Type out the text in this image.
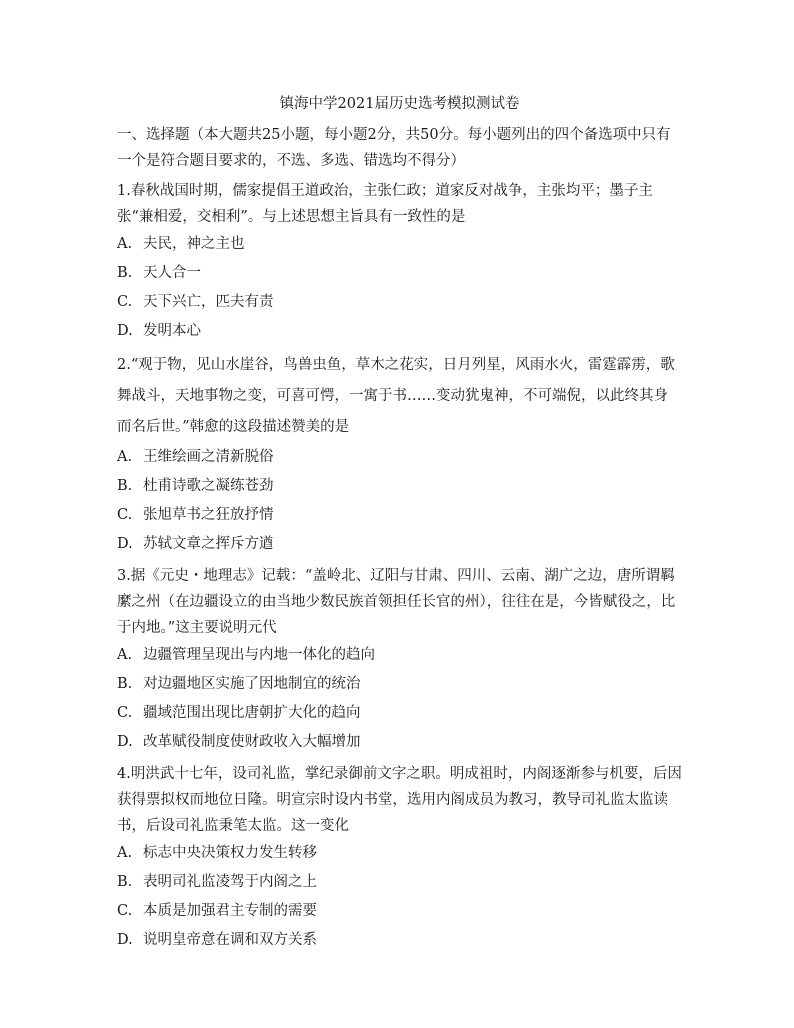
镇海中学2021届历史选考模拟测试卷
一、选择题（本大题共25小题，每小题2分，共50分。每小题列出的四个备选项中只有一个是符合题目要求的，不选、多选、错选均不得分）
1.春秋战国时期，儒家提倡王道政治，主张仁政；道家反对战争，主张均平；墨子主张“兼相爱，交相利”。与上述思想主旨具有一致性的是
A. 夫民，神之主也
B. 天人合一
C. 天下兴亡，匹夫有责
D. 发明本心
2.“观于物，见山水崖谷，鸟兽虫鱼，草木之花实，日月列星，风雨水火，雷霆霹雳，歌舞战斗，天地事物之变，可喜可愕，一寓于书……变动犹鬼神，不可端倪，以此终其身而名后世。”韩愈的这段描述赞美的是
A. 王维绘画之清新脱俗
B. 杜甫诗歌之凝练苍劲
C. 张旭草书之狂放抒情
D. 苏轼文章之挥斥方遒
3.据《元史・地理志》记载：“盖岭北、辽阳与甘肃、四川、云南、湖广之边，唐所谓羁縻之州（在边疆设立的由当地少数民族首领担任长官的州），往往在是，今皆赋役之，比于内地。”这主要说明元代
A. 边疆管理呈现出与内地一体化的趋向
B. 对边疆地区实施了因地制宜的统治
C. 疆域范围出现比唐朝扩大化的趋向
D. 改革赋役制度使财政收入大幅增加
4.明洪武十七年，设司礼监，掌纪录御前文字之职。明成祖时，内阁逐渐参与机要，后因获得票拟权而地位日隆。明宣宗时设内书堂，选用内阁成员为教习，教导司礼监太监读书，后设司礼监秉笔太监。这一变化
A. 标志中央决策权力发生转移
B. 表明司礼监凌驾于内阁之上
C. 本质是加强君主专制的需要
D. 说明皇帝意在调和双方关系
